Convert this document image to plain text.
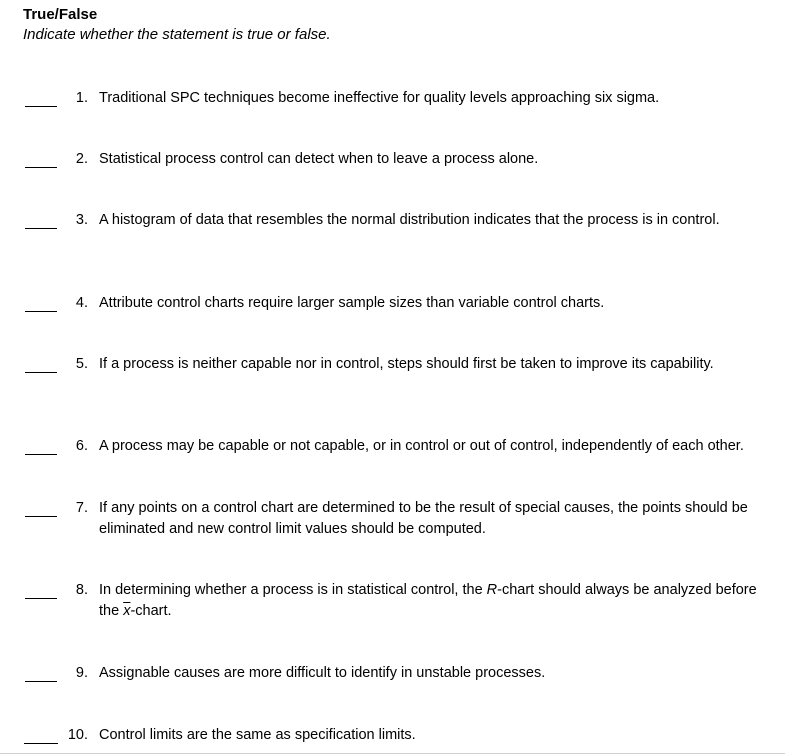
True/False
Indicate whether the statement is true or false.
1. Traditional SPC techniques become ineffective for quality levels approaching six sigma.
2. Statistical process control can detect when to leave a process alone.
3. A histogram of data that resembles the normal distribution indicates that the process is in control.
4. Attribute control charts require larger sample sizes than variable control charts.
5. If a process is neither capable nor in control, steps should first be taken to improve its capability.
6. A process may be capable or not capable, or in control or out of control, independently of each other.
7. If any points on a control chart are determined to be the result of special causes, the points should be eliminated and new control limit values should be computed.
8. In determining whether a process is in statistical control, the R-chart should always be analyzed before the $\overline{x}$-chart.
9. Assignable causes are more difficult to identify in unstable processes.
10. Control limits are the same as specification limits.
